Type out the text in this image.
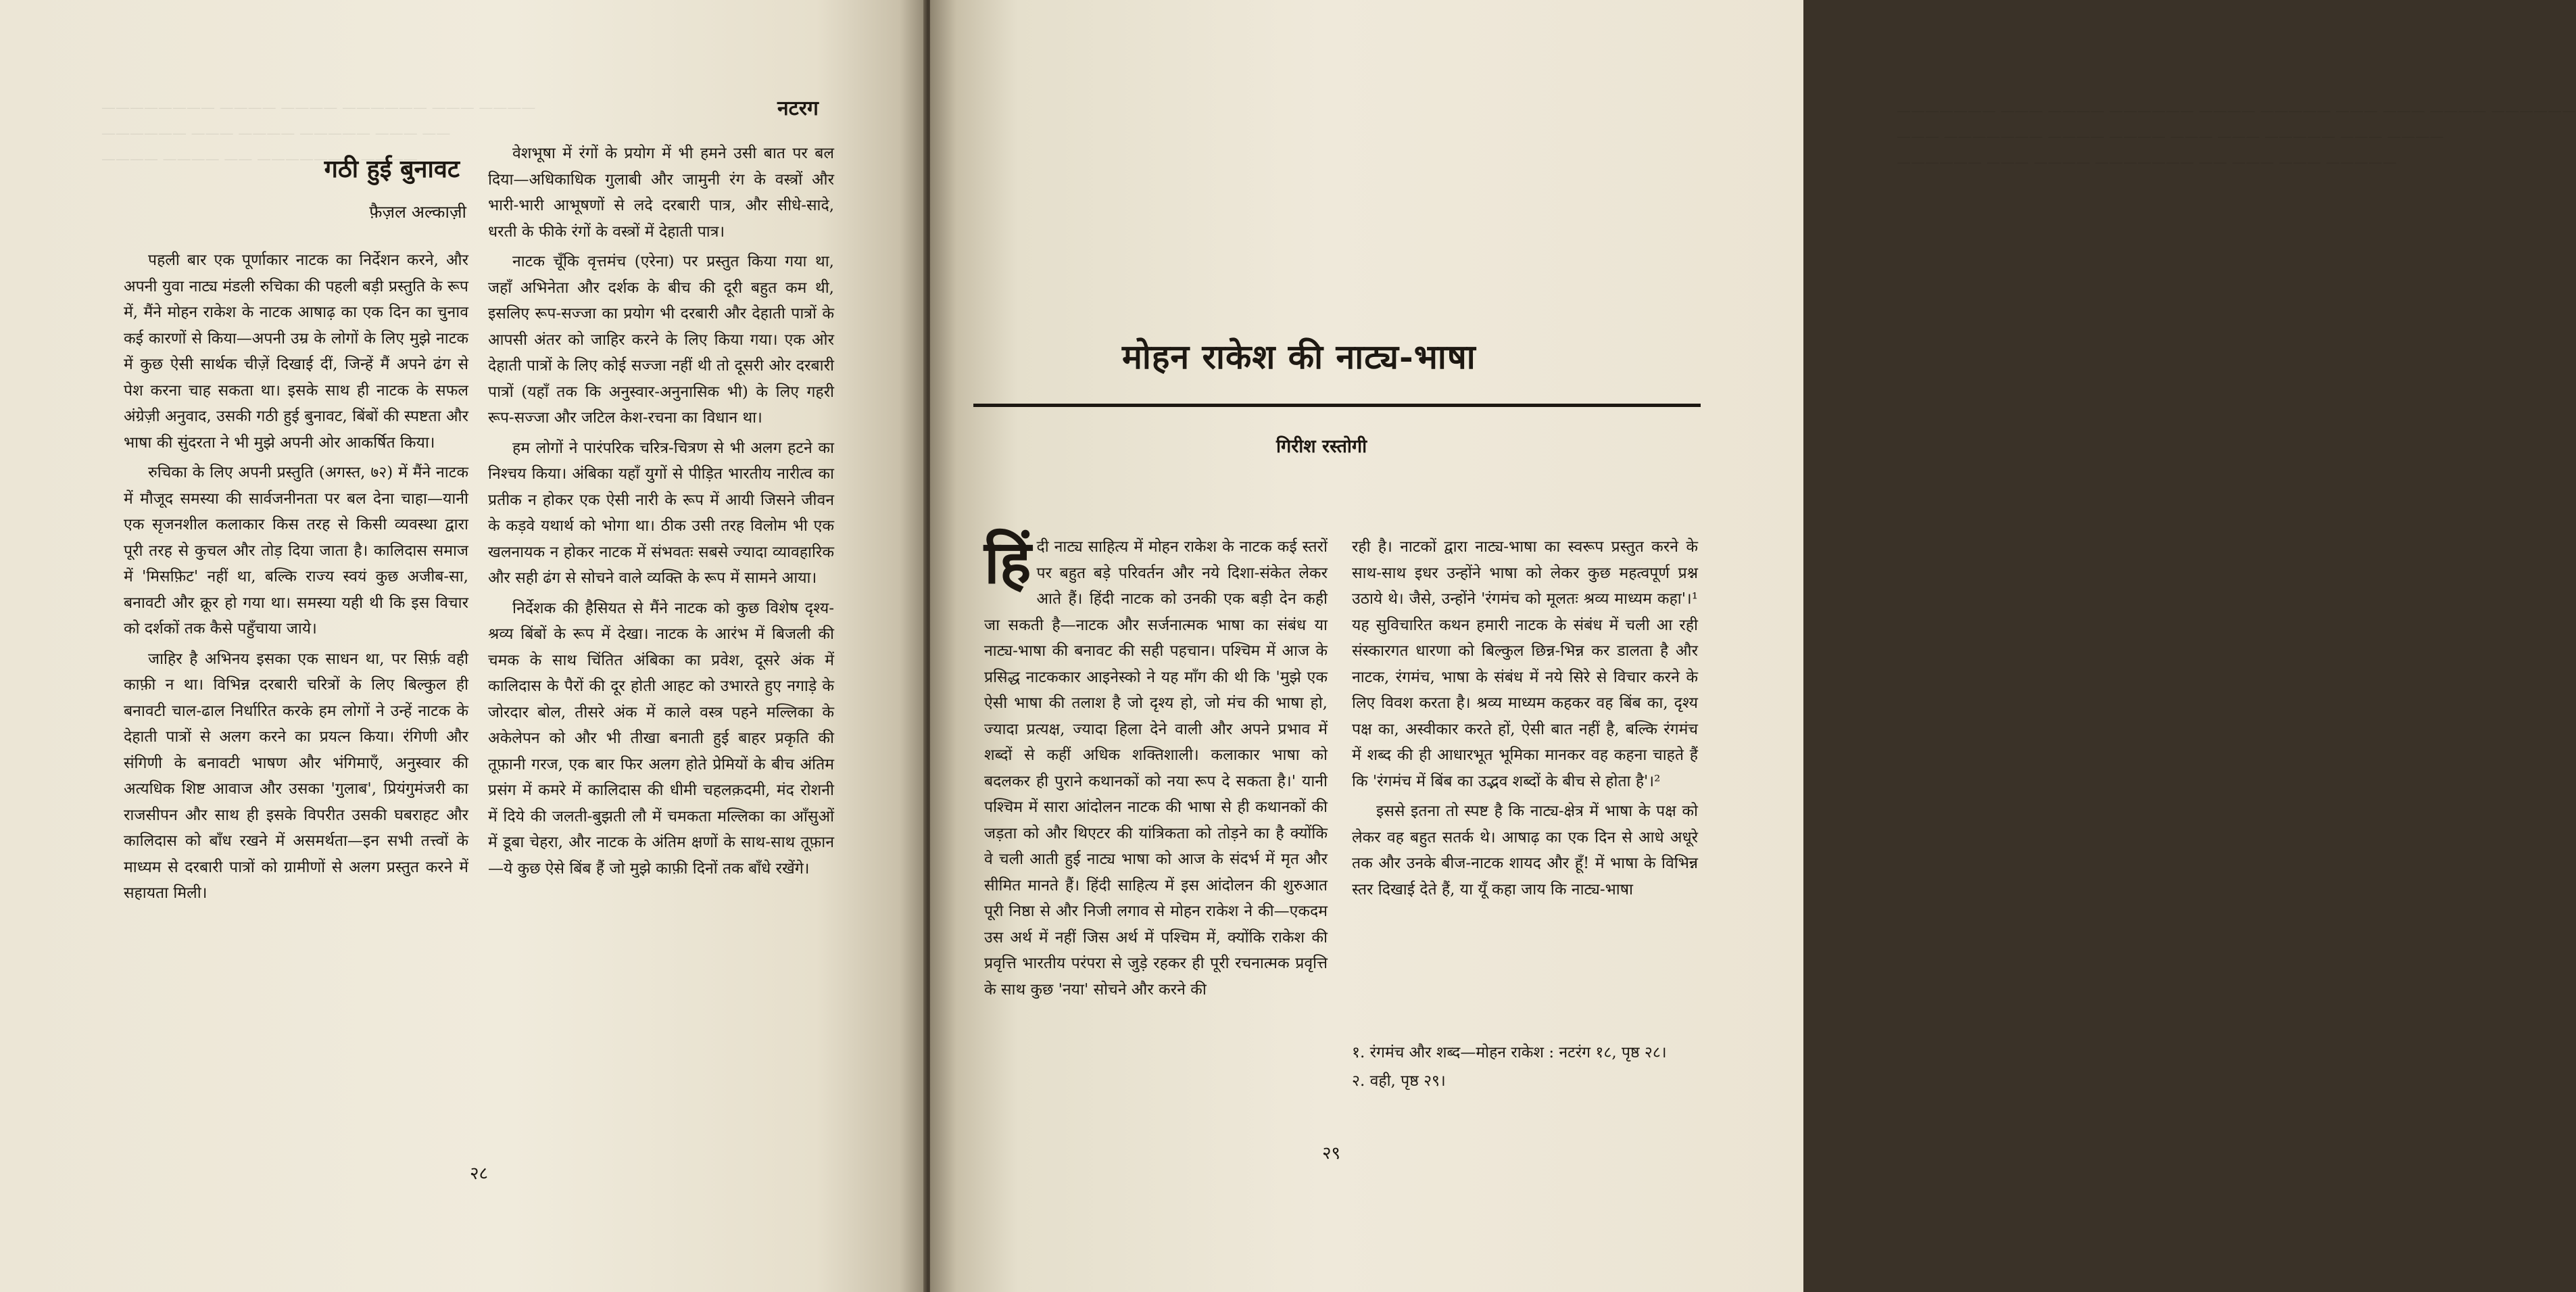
———————— ———— ———— —————— ——— ————
—————— ——— ———— ————— ——— ——
———— ———— —— ——————— ————
नटरग
गठी हुई बुनावट
फ़ैज़ल अल्काज़ी

पहली बार एक पूर्णाकार नाटक का निर्देशन करने, और अपनी युवा नाट्य मंडली रुचिका की पहली बड़ी प्रस्तुति के रूप में, मैंने मोहन राकेश के नाटक आषाढ़ का एक दिन का चुनाव कई कारणों से किया—अपनी उम्र के लोगों के लिए मुझे नाटक में कुछ ऐसी सार्थक चीज़ें दिखाई दीं, जिन्हें मैं अपने ढंग से पेश करना चाह सकता था। इसके साथ ही नाटक के सफल अंग्रेज़ी अनुवाद, उसकी गठी हुई बुनावट, बिंबों की स्पष्टता और भाषा की सुंदरता ने भी मुझे अपनी ओर आकर्षित किया।

रुचिका के लिए अपनी प्रस्तुति (अगस्त, ७२) में मैंने नाटक में मौजूद समस्या की सार्वजनीनता पर बल देना चाहा—यानी एक सृजनशील कलाकार किस तरह से किसी व्यवस्था द्वारा पूरी तरह से कुचल और तोड़ दिया जाता है। कालिदास समाज में 'मिसफ़िट' नहीं था, बल्कि राज्य स्वयं कुछ अजीब-सा, बनावटी और क्रूर हो गया था। समस्या यही थी कि इस विचार को दर्शकों तक कैसे पहुँचाया जाये।

जाहिर है अभिनय इसका एक साधन था, पर सिर्फ़ वही काफ़ी न था। विभिन्न दरबारी चरित्रों के लिए बिल्कुल ही बनावटी चाल-ढाल निर्धारित करके हम लोगों ने उन्हें नाटक के देहाती पात्रों से अलग करने का प्रयत्न किया। रंगिणी और संगिणी के बनावटी भाषण और भंगिमाएँ, अनुस्वार की अत्यधिक शिष्ट आवाज और उसका 'गुलाब', प्रियंगुमंजरी का राजसीपन और साथ ही इसके विपरीत उसकी घबराहट और कालिदास को बाँध रखने में असमर्थता—इन सभी तत्त्वों के माध्यम से दरबारी पात्रों को ग्रामीणों से अलग प्रस्तुत करने में सहायता मिली।

वेशभूषा में रंगों के प्रयोग में भी हमने उसी बात पर बल दिया—अधिकाधिक गुलाबी और जामुनी रंग के वस्त्रों और भारी-भारी आभूषणों से लदे दरबारी पात्र, और सीधे-सादे, धरती के फीके रंगों के वस्त्रों में देहाती पात्र।

नाटक चूँकि वृत्तमंच (एरेना) पर प्रस्तुत किया गया था, जहाँ अभिनेता और दर्शक के बीच की दूरी बहुत कम थी, इसलिए रूप-सज्जा का प्रयोग भी दरबारी और देहाती पात्रों के आपसी अंतर को जाहिर करने के लिए किया गया। एक ओर देहाती पात्रों के लिए कोई सज्जा नहीं थी तो दूसरी ओर दरबारी पात्रों (यहाँ तक कि अनुस्वार-अनुनासिक भी) के लिए गहरी रूप-सज्जा और जटिल केश-रचना का विधान था।

हम लोगों ने पारंपरिक चरित्र-चित्रण से भी अलग हटने का निश्चय किया। अंबिका यहाँ युगों से पीड़ित भारतीय नारीत्व का प्रतीक न होकर एक ऐसी नारी के रूप में आयी जिसने जीवन के कड़वे यथार्थ को भोगा था। ठीक उसी तरह विलोम भी एक खलनायक न होकर नाटक में संभवतः सबसे ज्यादा व्यावहारिक और सही ढंग से सोचने वाले व्यक्ति के रूप में सामने आया।

निर्देशक की हैसियत से मैंने नाटक को कुछ विशेष दृश्य-श्रव्य बिंबों के रूप में देखा। नाटक के आरंभ में बिजली की चमक के साथ चिंतित अंबिका का प्रवेश, दूसरे अंक में कालिदास के पैरों की दूर होती आहट को उभारते हुए नगाड़े के जोरदार बोल, तीसरे अंक में काले वस्त्र पहने मल्लिका के अकेलेपन को और भी तीखा बनाती हुई बाहर प्रकृति की तूफ़ानी गरज, एक बार फिर अलग होते प्रेमियों के बीच अंतिम प्रसंग में कमरे में कालिदास की धीमी चहलक़दमी, मंद रोशनी में दिये की जलती-बुझती लौ में चमकता मल्लिका का आँसुओं में डूबा चेहरा, और नाटक के अंतिम क्षणों के साथ-साथ तूफ़ान—ये कुछ ऐसे बिंब हैं जो मुझे काफ़ी दिनों तक बाँधे रखेंगे।

२८
——————— ——— ———— —————— ———— ————— ——— ——— ———— ——————
——— ——————— ———— ———— ——— ——— ————— ——— ————
—————— ——— ———— ——————— —— ——— ——— —————
मोहन राकेश की नाट्य-भाषा
गिरीश रस्तोगी

हिंदी नाट्य साहित्य में मोहन राकेश के नाटक कई स्तरों पर बहुत बड़े परिवर्तन और नये दिशा-संकेत लेकर आते हैं। हिंदी नाटक को उनकी एक बड़ी देन कही जा सकती है—नाटक और सर्जनात्मक भाषा का संबंध या नाट्य-भाषा की बनावट की सही पहचान। पश्चिम में आज के प्रसिद्ध नाटककार आइनेस्को ने यह माँग की थी कि 'मुझे एक ऐसी भाषा की तलाश है जो दृश्य हो, जो मंच की भाषा हो, ज्यादा प्रत्यक्ष, ज्यादा हिला देने वाली और अपने प्रभाव में शब्दों से कहीं अधिक शक्तिशाली। कलाकार भाषा को बदलकर ही पुराने कथानकों को नया रूप दे सकता है।' यानी पश्चिम में सारा आंदोलन नाटक की भाषा से ही कथानकों की जड़ता को और थिएटर की यांत्रिकता को तोड़ने का है क्योंकि वे चली आती हुई नाट्य भाषा को आज के संदर्भ में मृत और सीमित मानते हैं। हिंदी साहित्य में इस आंदोलन की शुरुआत पूरी निष्ठा से और निजी लगाव से मोहन राकेश ने की—एकदम उस अर्थ में नहीं जिस अर्थ में पश्चिम में, क्योंकि राकेश की प्रवृत्ति भारतीय परंपरा से जुड़े रहकर ही पूरी रचनात्मक प्रवृत्ति के साथ कुछ 'नया' सोचने और करने की

रही है। नाटकों द्वारा नाट्य-भाषा का स्वरूप प्रस्तुत करने के साथ-साथ इधर उन्होंने भाषा को लेकर कुछ महत्वपूर्ण प्रश्न उठाये थे। जैसे, उन्होंने 'रंगमंच को मूलतः श्रव्य माध्यम कहा'।¹ यह सुविचारित कथन हमारी नाटक के संबंध में चली आ रही संस्कारगत धारणा को बिल्कुल छिन्न-भिन्न कर डालता है और नाटक, रंगमंच, भाषा के संबंध में नये सिरे से विचार करने के लिए विवश करता है। श्रव्य माध्यम कहकर वह बिंब का, दृश्य पक्ष का, अस्वीकार करते हों, ऐसी बात नहीं है, बल्कि रंगमंच में शब्द की ही आधारभूत भूमिका मानकर वह कहना चाहते हैं कि 'रंगमंच में बिंब का उद्भव शब्दों के बीच से होता है'।²

इससे इतना तो स्पष्ट है कि नाट्य-क्षेत्र में भाषा के पक्ष को लेकर वह बहुत सतर्क थे। आषाढ़ का एक दिन से आधे अधूरे तक और उनके बीज-नाटक शायद और हूँ! में भाषा के विभिन्न स्तर दिखाई देते हैं, या यूँ कहा जाय कि नाट्य-भाषा

१. रंगमंच और शब्द—मोहन राकेश : नटरंग १८, पृष्ठ २८।
२. वही, पृष्ठ २९।
२९
